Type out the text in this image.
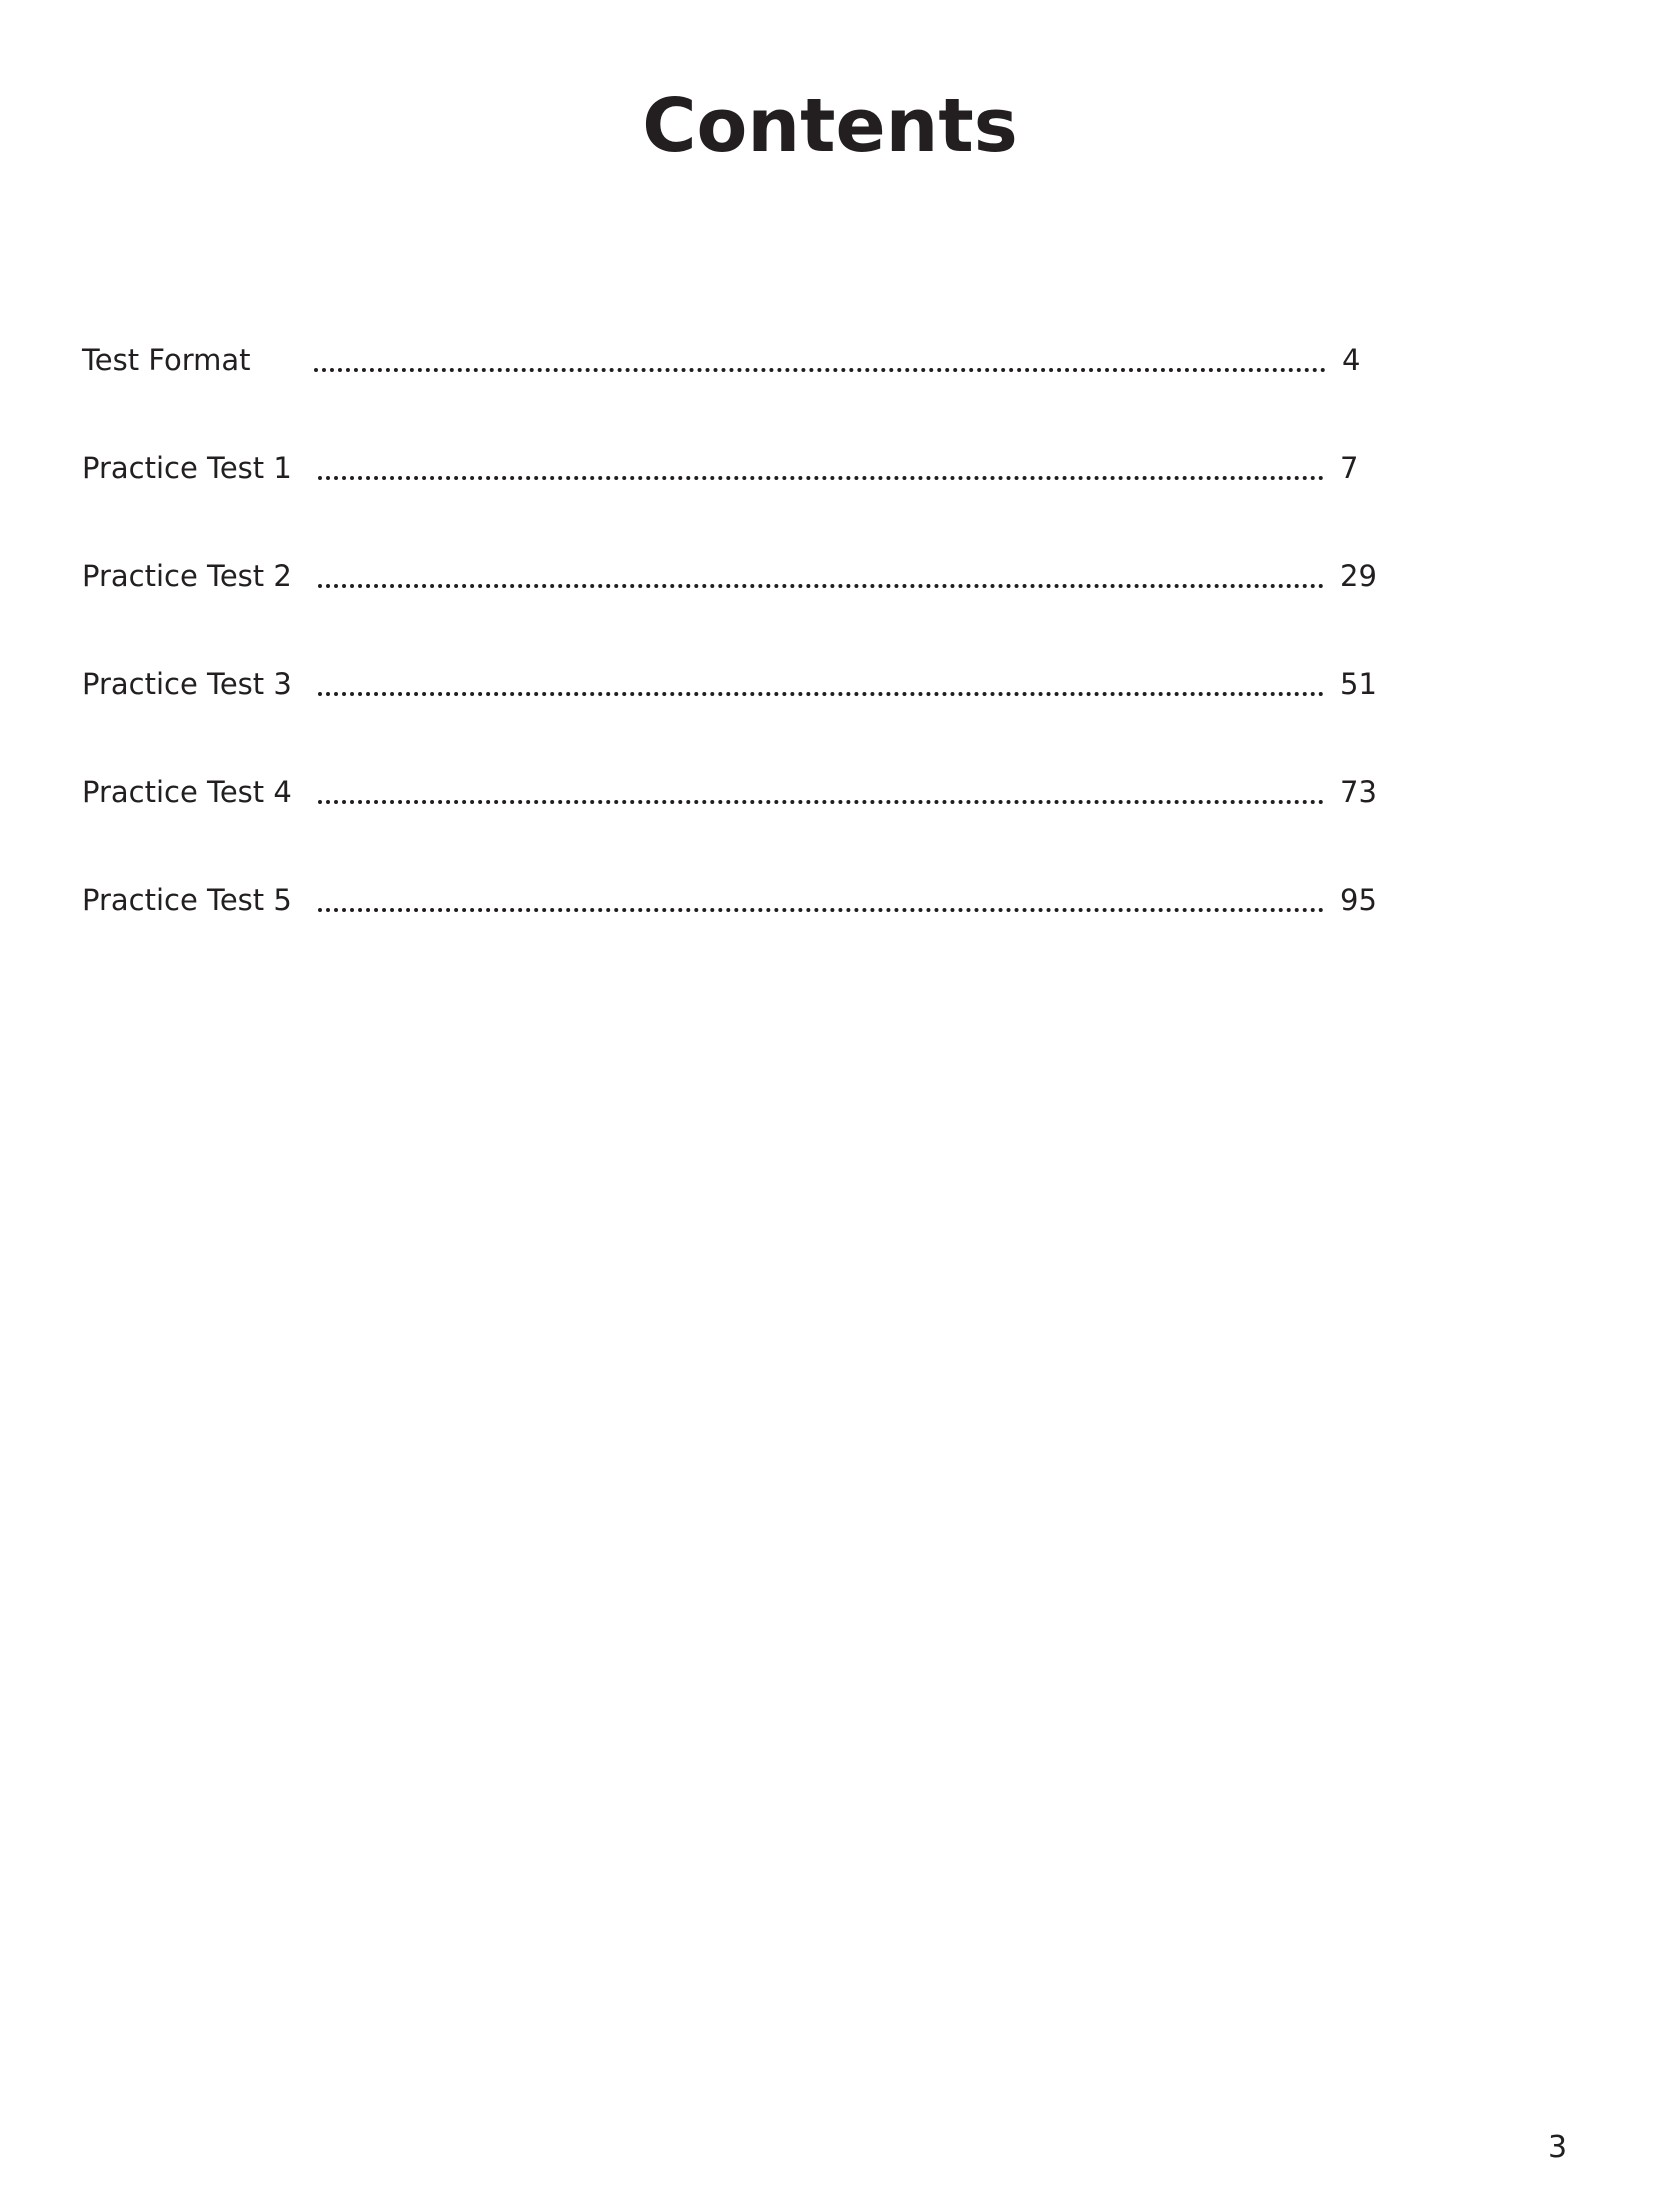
Contents
Test Format	4
Practice Test 1	7
Practice Test 2	29
Practice Test 3	51
Practice Test 4	73
Practice Test 5	95
3
